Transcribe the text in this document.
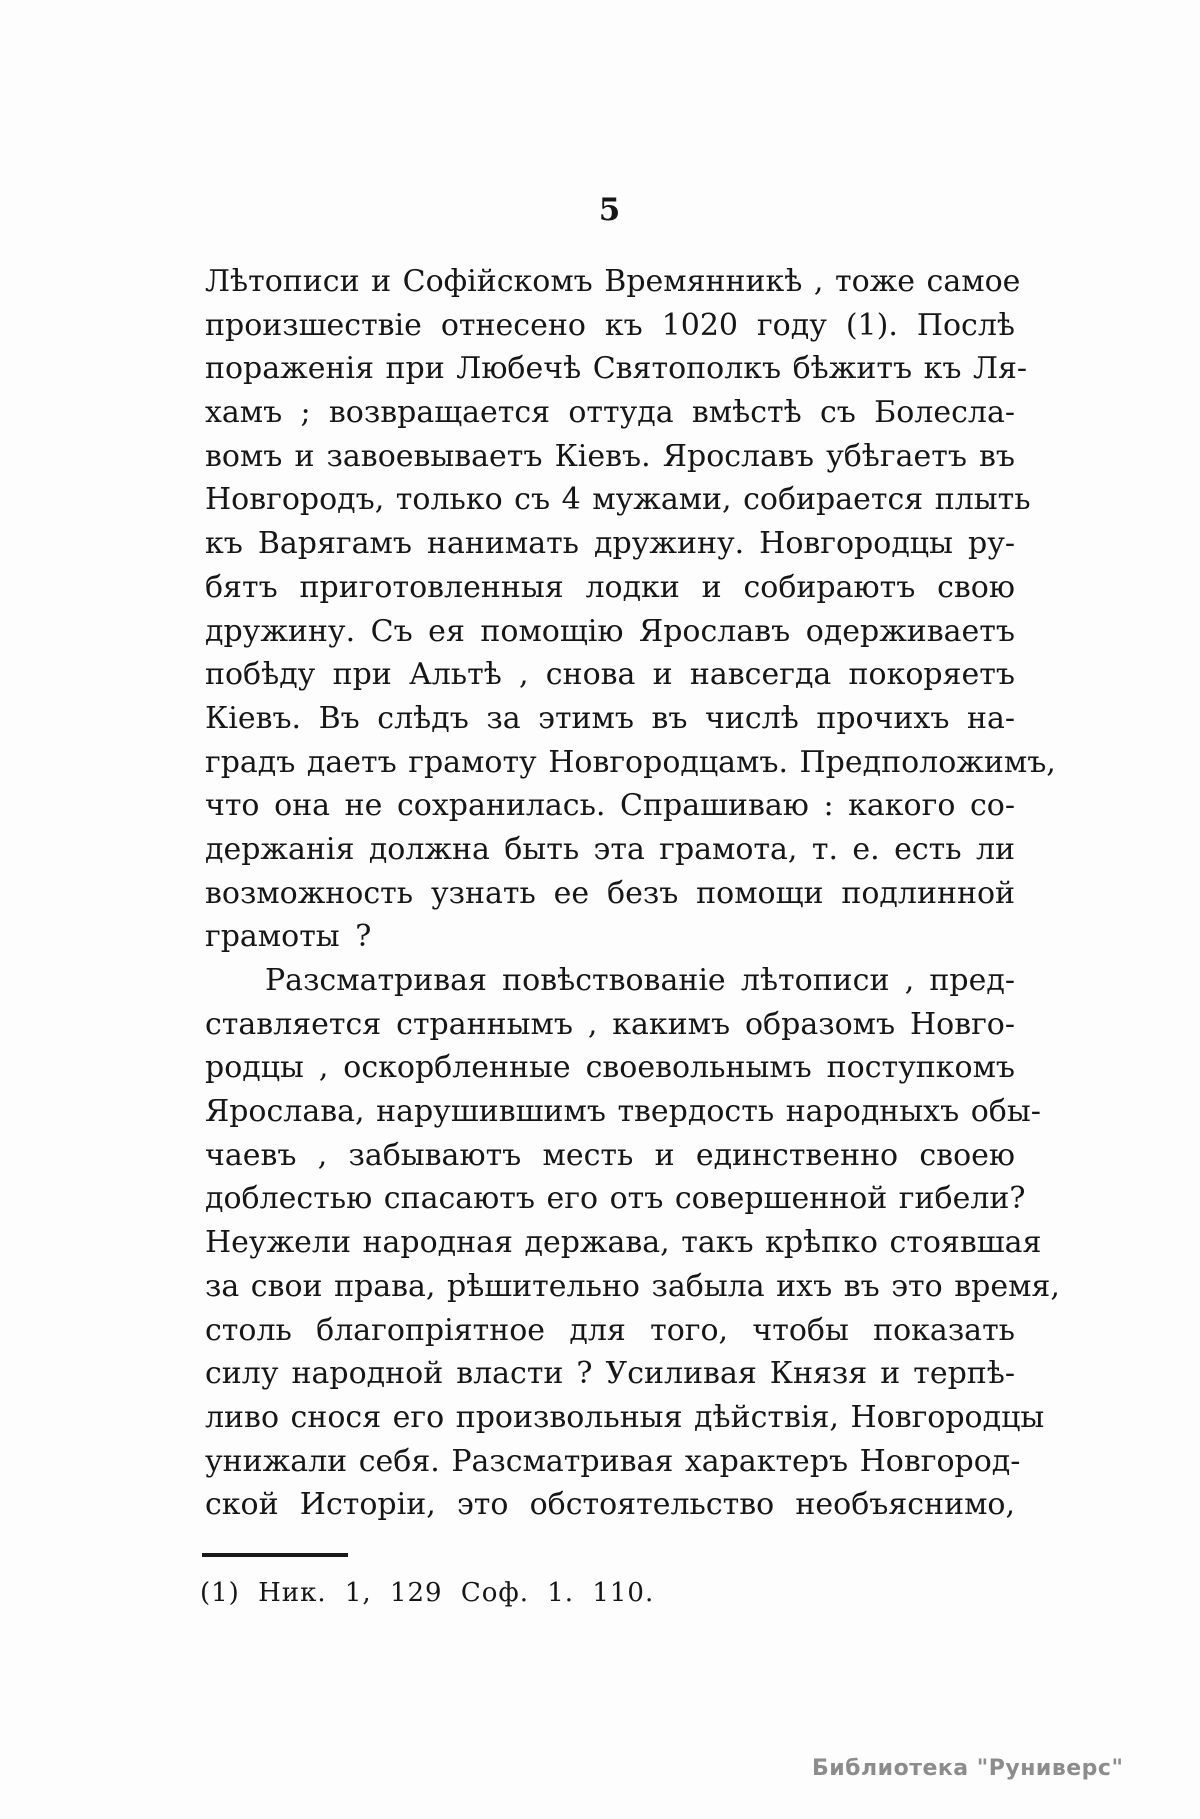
5
Лѣтописи и Софійскомъ Времянникѣ , тоже самое
произшествіе отнесено къ 1020 году (1). Послѣ
пораженія при Любечѣ Святополкъ бѣжитъ къ Ля-
хамъ ; возвращается оттуда вмѣстѣ съ Болесла-
вомъ и завоевываетъ Кіевъ. Ярославъ убѣгаетъ въ
Новгородъ, только съ 4 мужами, собирается плыть
къ Варягамъ нанимать дружину. Новгородцы ру-
бятъ приготовленныя лодки и собираютъ свою
дружину. Съ ея помощію Ярославъ одерживаетъ
побѣду при Альтѣ , снова и навсегда покоряетъ
Кіевъ. Въ слѣдъ за этимъ въ числѣ прочихъ на-
градъ даетъ грамоту Новгородцамъ. Предположимъ,
что она не сохранилась. Спрашиваю : какого со-
держанія должна быть эта грамота, т. е. есть ли
возможность узнать ее безъ помощи подлинной
грамоты ?
Разсматривая повѣствованіе лѣтописи , пред-
ставляется страннымъ , какимъ образомъ Новго-
родцы , оскорбленные своевольнымъ поступкомъ
Ярослава, нарушившимъ твердость народныхъ обы-
чаевъ , забываютъ месть и единственно своею
доблестью спасаютъ его отъ совершенной гибели?
Неужели народная держава, такъ крѣпко стоявшая
за свои права, рѣшительно забыла ихъ въ это время,
столь благопріятное для того, чтобы показать
силу народной власти ? Усиливая Князя и терпѣ-
ливо снося его произвольныя дѣйствія, Новгородцы
унижали себя. Разсматривая характеръ Новгород-
ской Исторіи, это обстоятельство необъяснимо,
(1) Ник. 1, 129 Соф. 1. 110.
Библиотека "Руниверс"
